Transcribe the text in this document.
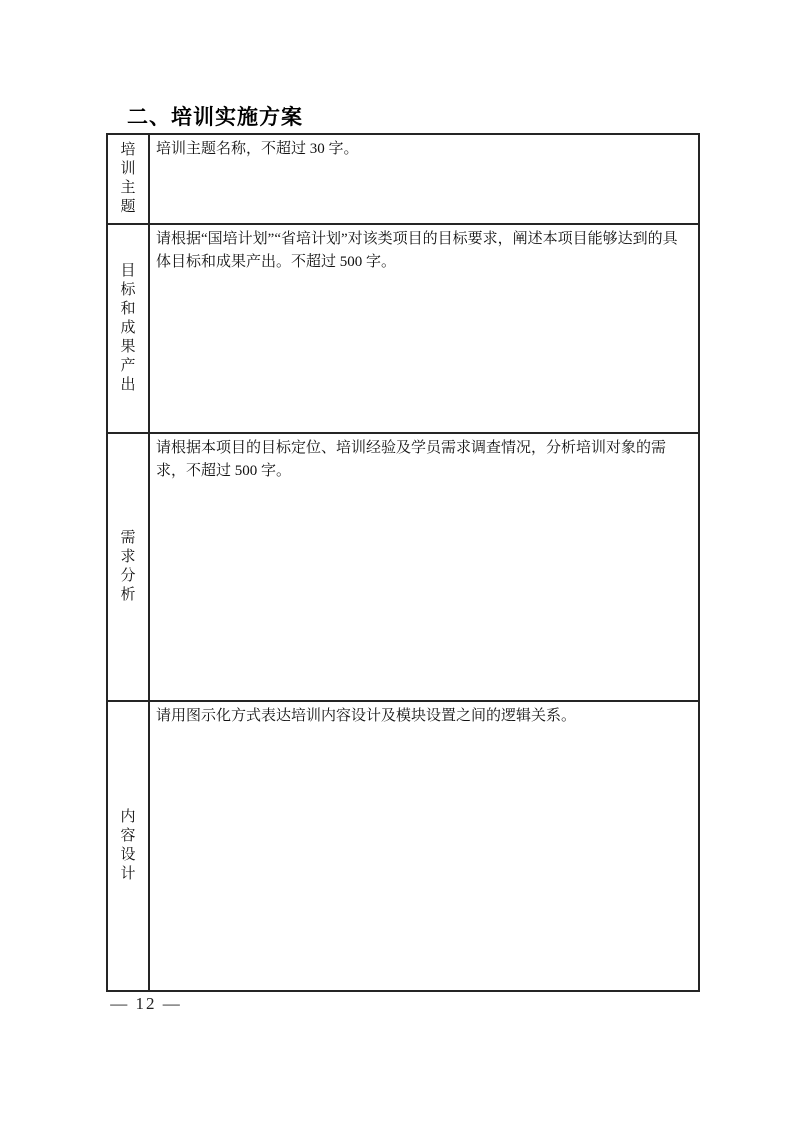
二、培训实施方案
培训主题
培训主题名称，不超过 30 字。
目标和成果产出
请根据“国培计划”“省培计划”对该类项目的目标要求，阐述本项目能够达到的具体目标和成果产出。不超过 500 字。
需求分析
请根据本项目的目标定位、培训经验及学员需求调查情况，分析培训对象的需求，不超过 500 字。
内容设计
请用图示化方式表达培训内容设计及模块设置之间的逻辑关系。
— 12 —
